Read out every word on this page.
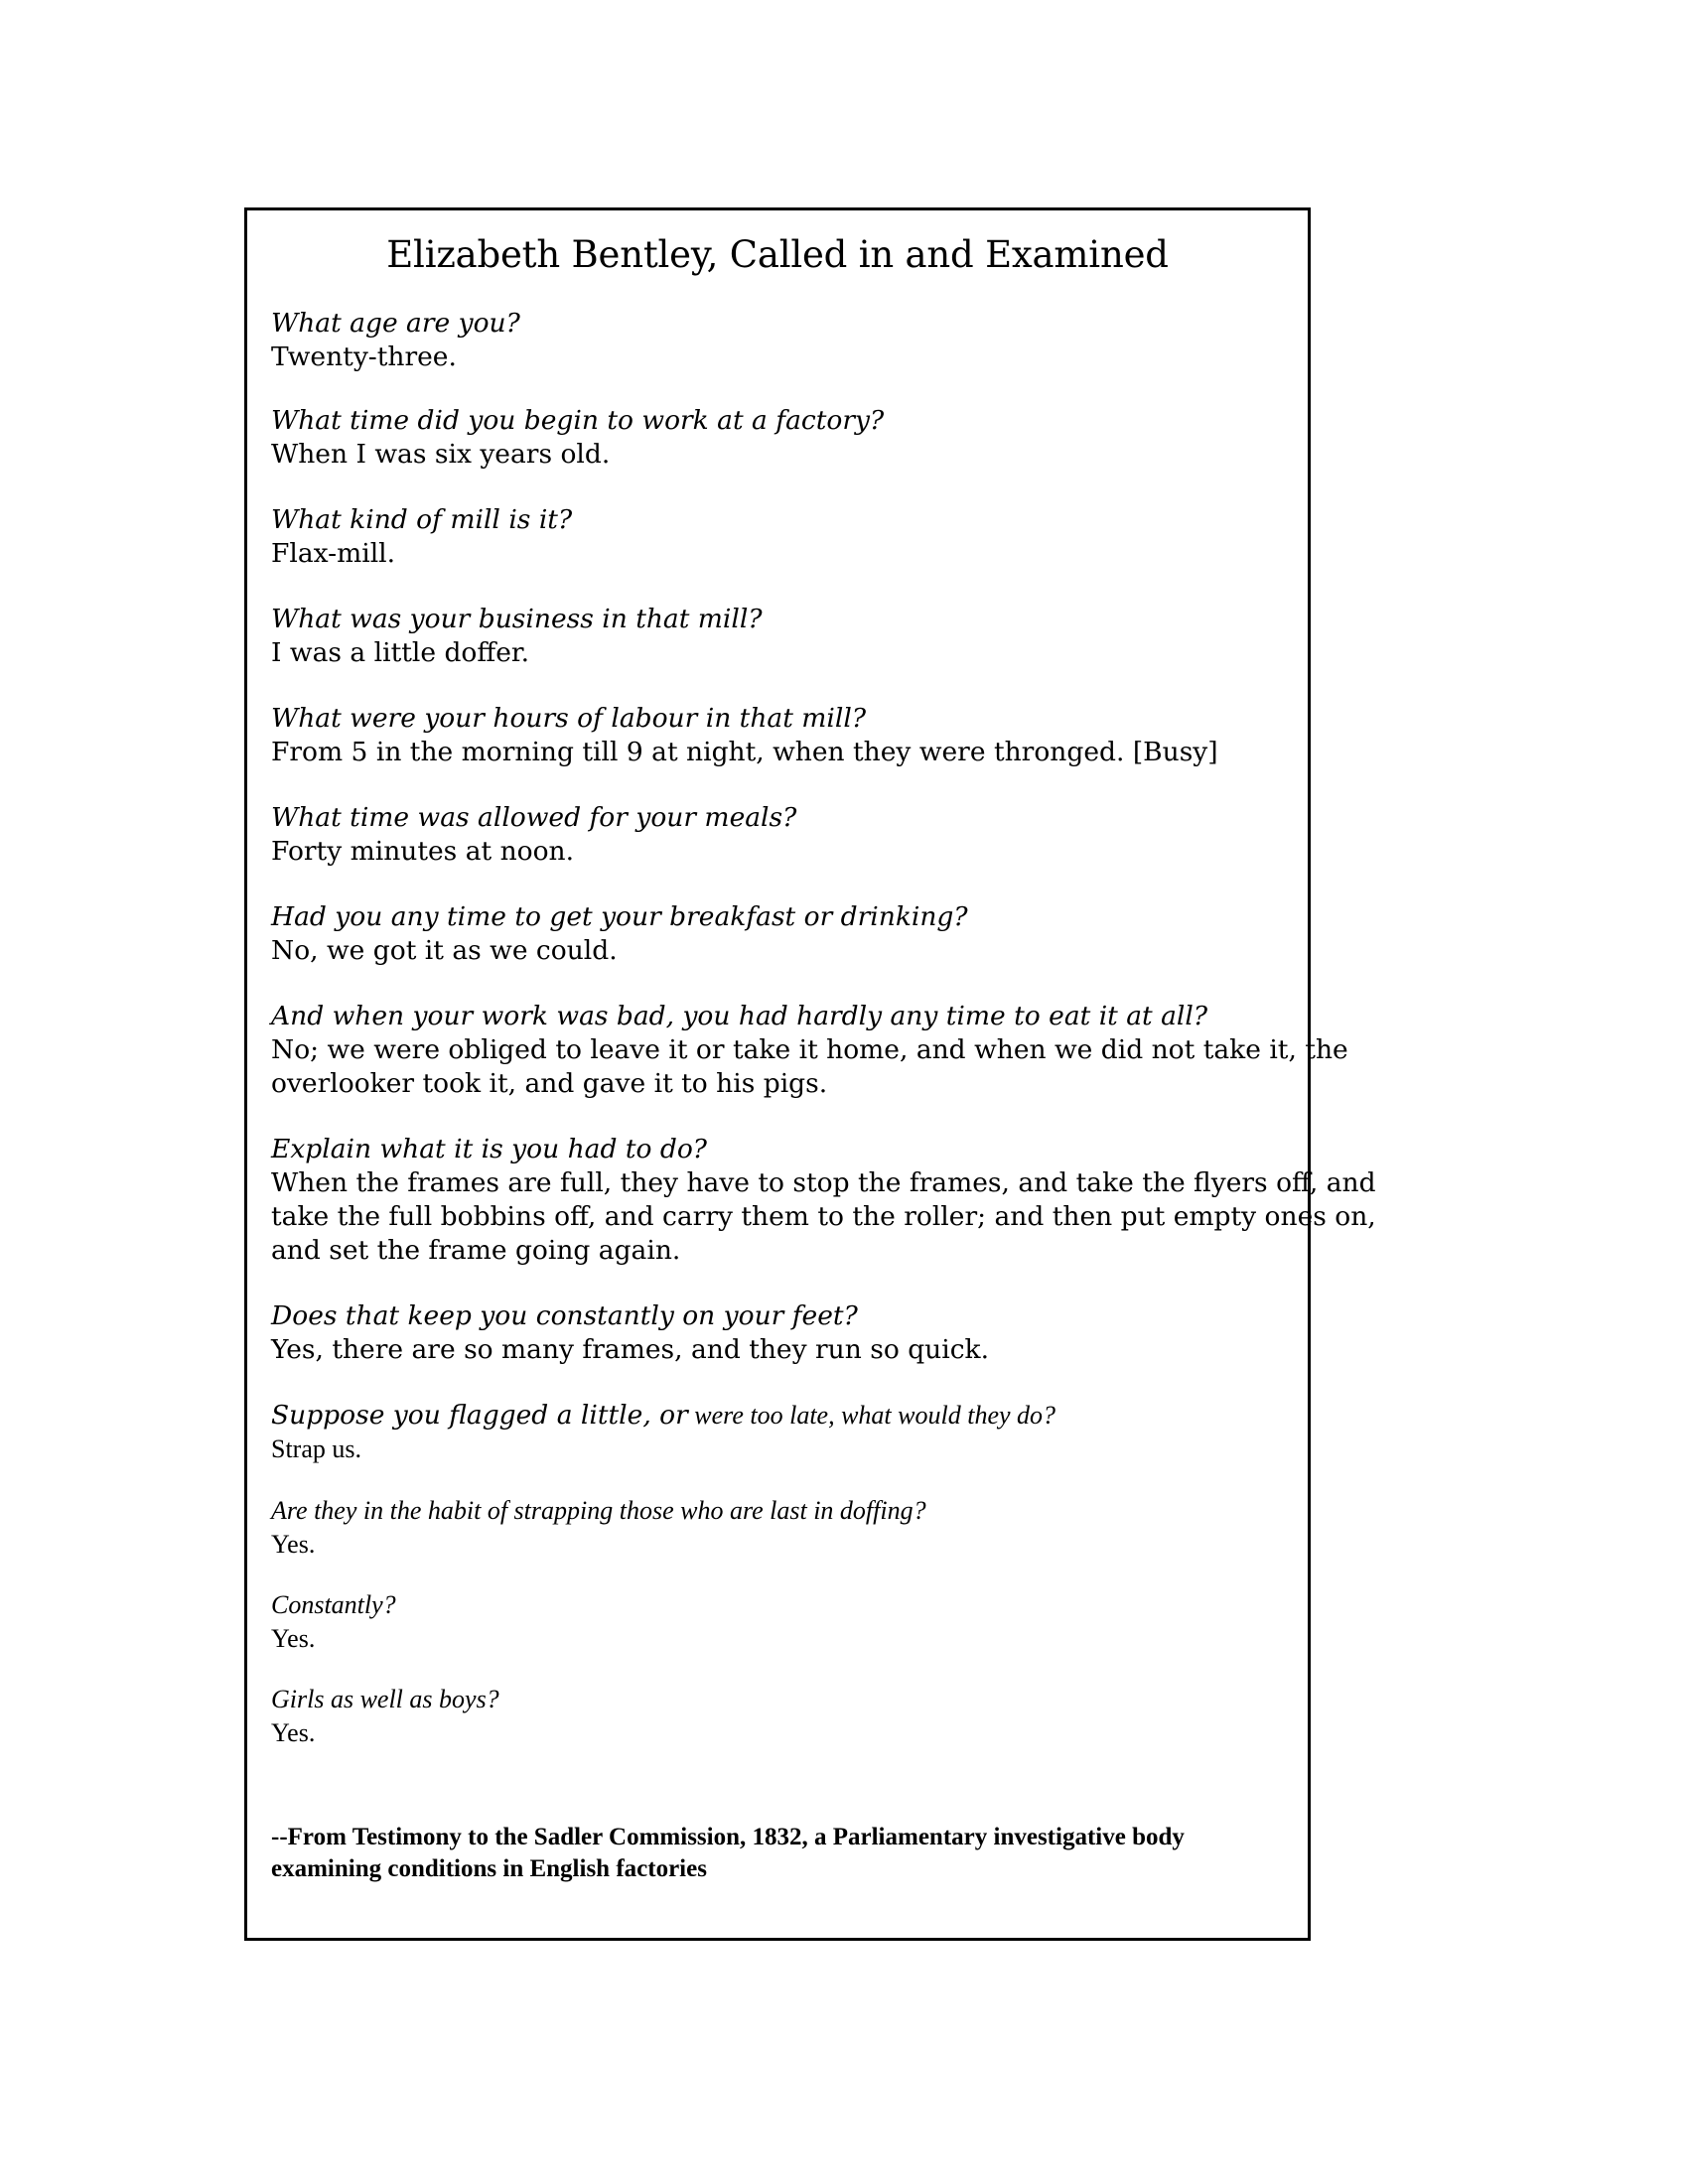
Elizabeth Bentley, Called in and Examined
What age are you?
Twenty-three.
What time did you begin to work at a factory?
When I was six years old.
What kind of mill is it?
Flax-mill.
What was your business in that mill?
I was a little doffer.
What were your hours of labour in that mill?
From 5 in the morning till 9 at night, when they were thronged. [Busy]
What time was allowed for your meals?
Forty minutes at noon.
Had you any time to get your breakfast or drinking?
No, we got it as we could.
And when your work was bad, you had hardly any time to eat it at all?
No; we were obliged to leave it or take it home, and when we did not take it, the
overlooker took it, and gave it to his pigs.
Explain what it is you had to do?
When the frames are full, they have to stop the frames, and take the flyers off, and
take the full bobbins off, and carry them to the roller; and then put empty ones on,
and set the frame going again.
Does that keep you constantly on your feet?
Yes, there are so many frames, and they run so quick.
Suppose you flagged a little, or were too late, what would they do?
Strap us.
Are they in the habit of strapping those who are last in doffing?
Yes.
Constantly?
Yes.
Girls as well as boys?
Yes.
--From Testimony to the Sadler Commission, 1832, a Parliamentary investigative body
examining conditions in English factories
